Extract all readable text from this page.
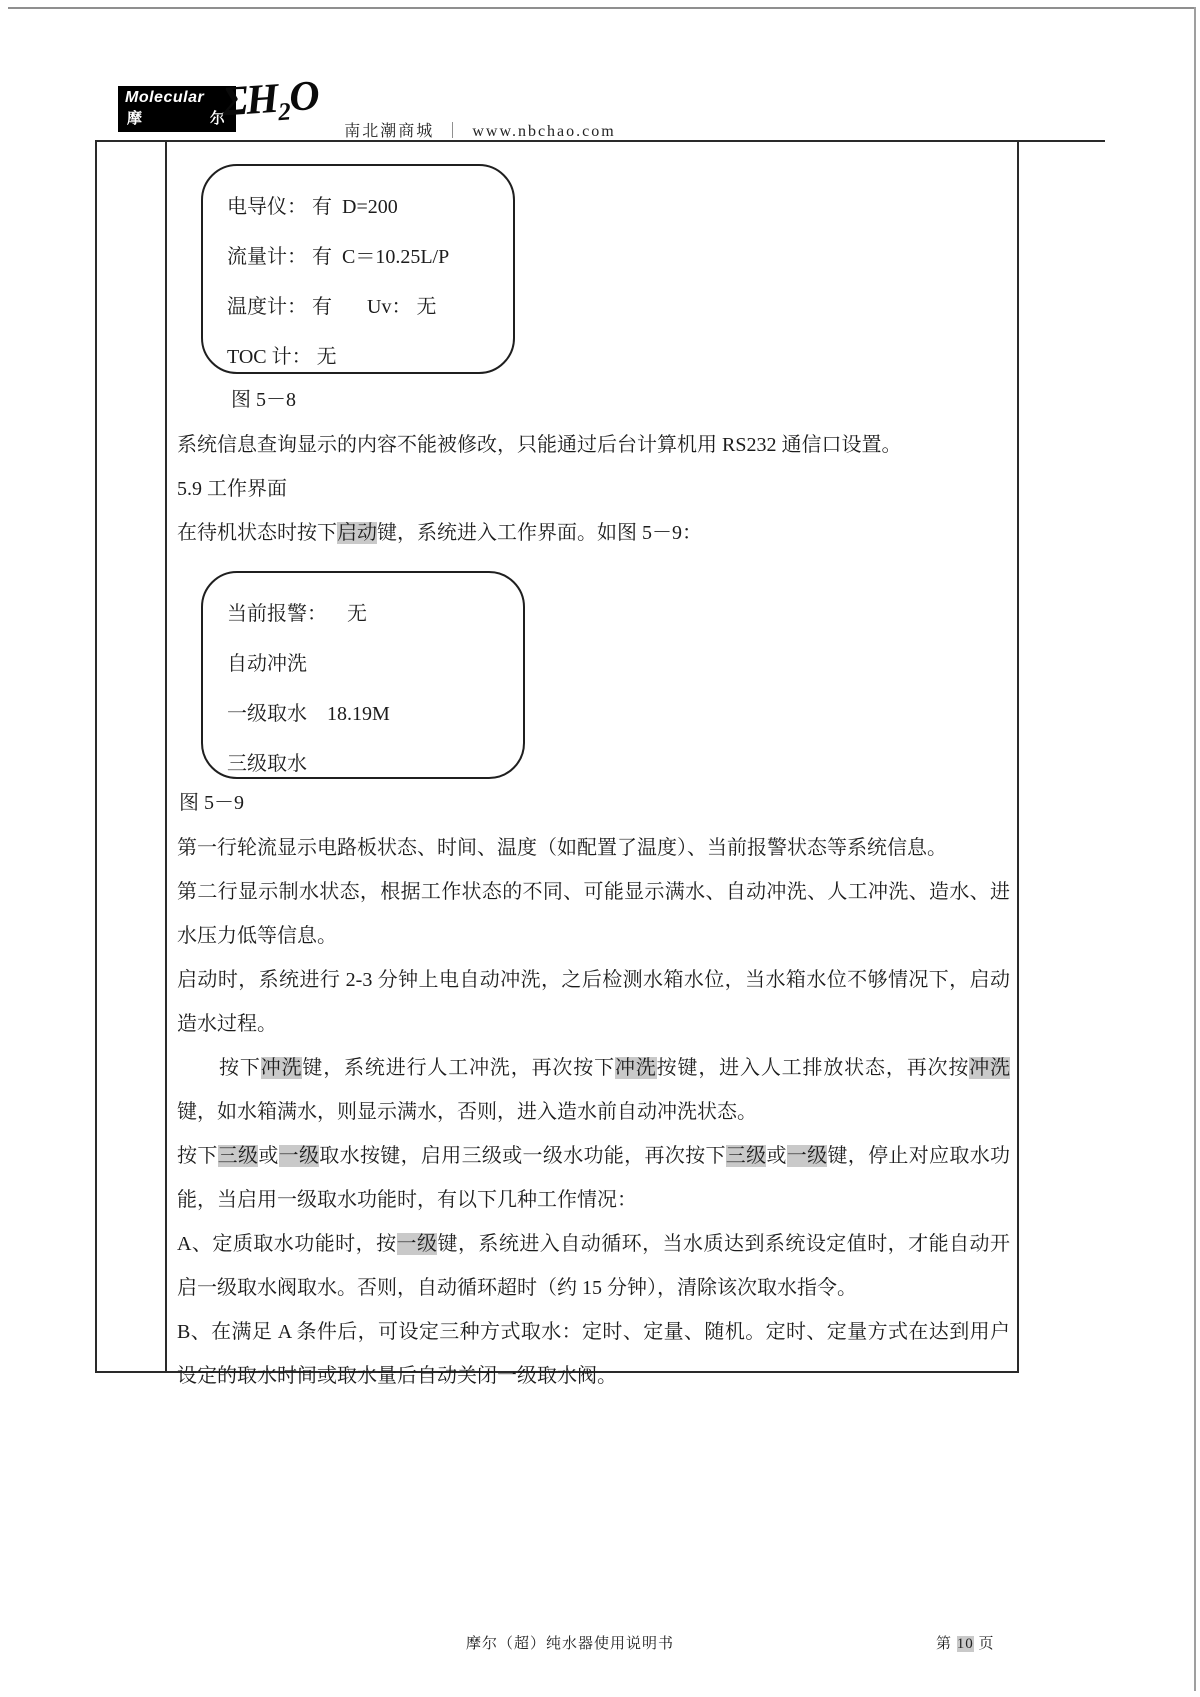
Molecular
摩	尔
ΣH₂O
南北潮商城 ｜ www.nbchao.com
电导仪： 有  D=200
流量计： 有  C＝10.25L/P
温度计： 有       Uv： 无
TOC 计： 无
图 5－8

系统信息查询显示的内容不能被修改，只能通过后台计算机用 RS232 通信口设置。

5.9 工作界面

在待机状态时按下启动键，系统进入工作界面。如图 5－9：

当前报警：    无
自动冲洗
一级取水    18.19M
三级取水
图 5－9

第一行轮流显示电路板状态、时间、温度（如配置了温度）、当前报警状态等系统信息。

第二行显示制水状态，根据工作状态的不同、可能显示满水、自动冲洗、人工冲洗、造水、进水压力低等信息。

启动时，系统进行 2-3 分钟上电自动冲洗，之后检测水箱水位，当水箱水位不够情况下，启动造水过程。

按下冲洗键，系统进行人工冲洗，再次按下冲洗按键，进入人工排放状态，再次按冲洗键，如水箱满水，则显示满水，否则，进入造水前自动冲洗状态。

按下三级或一级取水按键，启用三级或一级水功能，再次按下三级或一级键，停止对应取水功能，当启用一级取水功能时，有以下几种工作情况：

A、定质取水功能时，按一级键，系统进入自动循环，当水质达到系统设定值时，才能自动开启一级取水阀取水。否则，自动循环超时（约 15 分钟），清除该次取水指令。

B、在满足 A 条件后，可设定三种方式取水：定时、定量、随机。定时、定量方式在达到用户设定的取水时间或取水量后自动关闭一级取水阀。

摩尔（超）纯水器使用说明书	第 10 页
